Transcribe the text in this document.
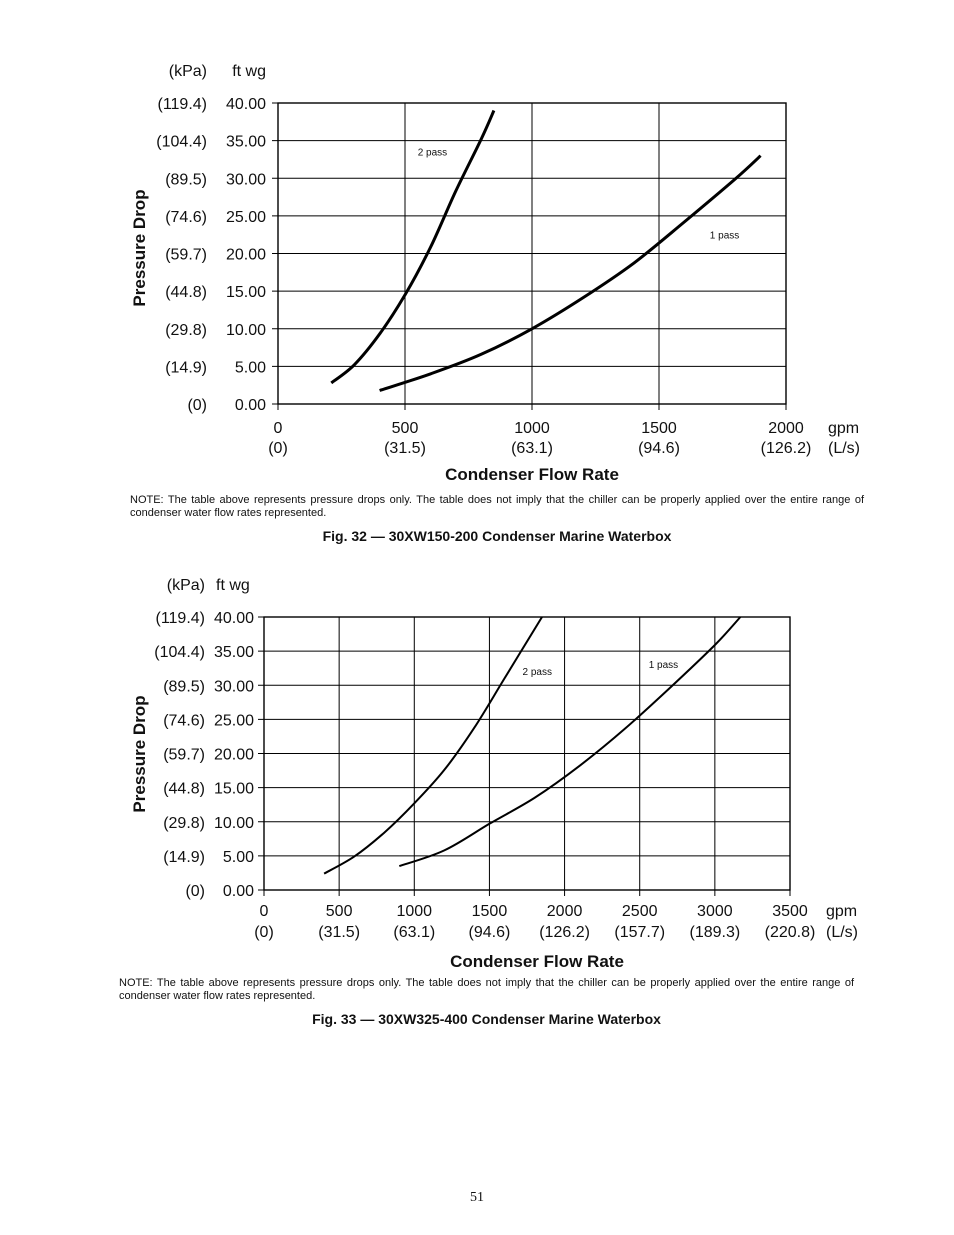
2 pass
1 pass
(0) 0.00
(14.9) 5.00
(29.8) 10.00
(44.8) 15.00
(59.7) 20.00
(74.6) 25.00
(89.5) 30.00
(104.4) 35.00
(119.4) 40.00
0
(0)
500
(31.5)
1000
(63.1)
1500
(94.6)
2000
(126.2)
(kPa) ft wg
gpm
(L/s)
Condenser Flow Rate
Pressure Drop
2 pass
1 pass
(0) 0.00
(14.9) 5.00
(29.8) 10.00
(44.8) 15.00
(59.7) 20.00
(74.6) 25.00
(89.5) 30.00
(104.4) 35.00
(119.4) 40.00
0
(0)
500
(31.5)
1000
(63.1)
1500
(94.6)
2000
(126.2)
2500
(157.7)
3000
(189.3)
3500
(220.8)
(kPa) ft wg
gpm
(L/s)
Condenser Flow Rate
Pressure Drop

NOTE: The table above represents pressure drops only. The table does not imply that the chiller can be properly applied over the entire range of condenser water flow rates represented.

Fig. 32 — 30XW150-200 Condenser Marine Waterbox

NOTE: The table above represents pressure drops only. The table does not imply that the chiller can be properly applied over the entire range of condenser water flow rates represented.

Fig. 33 — 30XW325-400 Condenser Marine Waterbox

51
